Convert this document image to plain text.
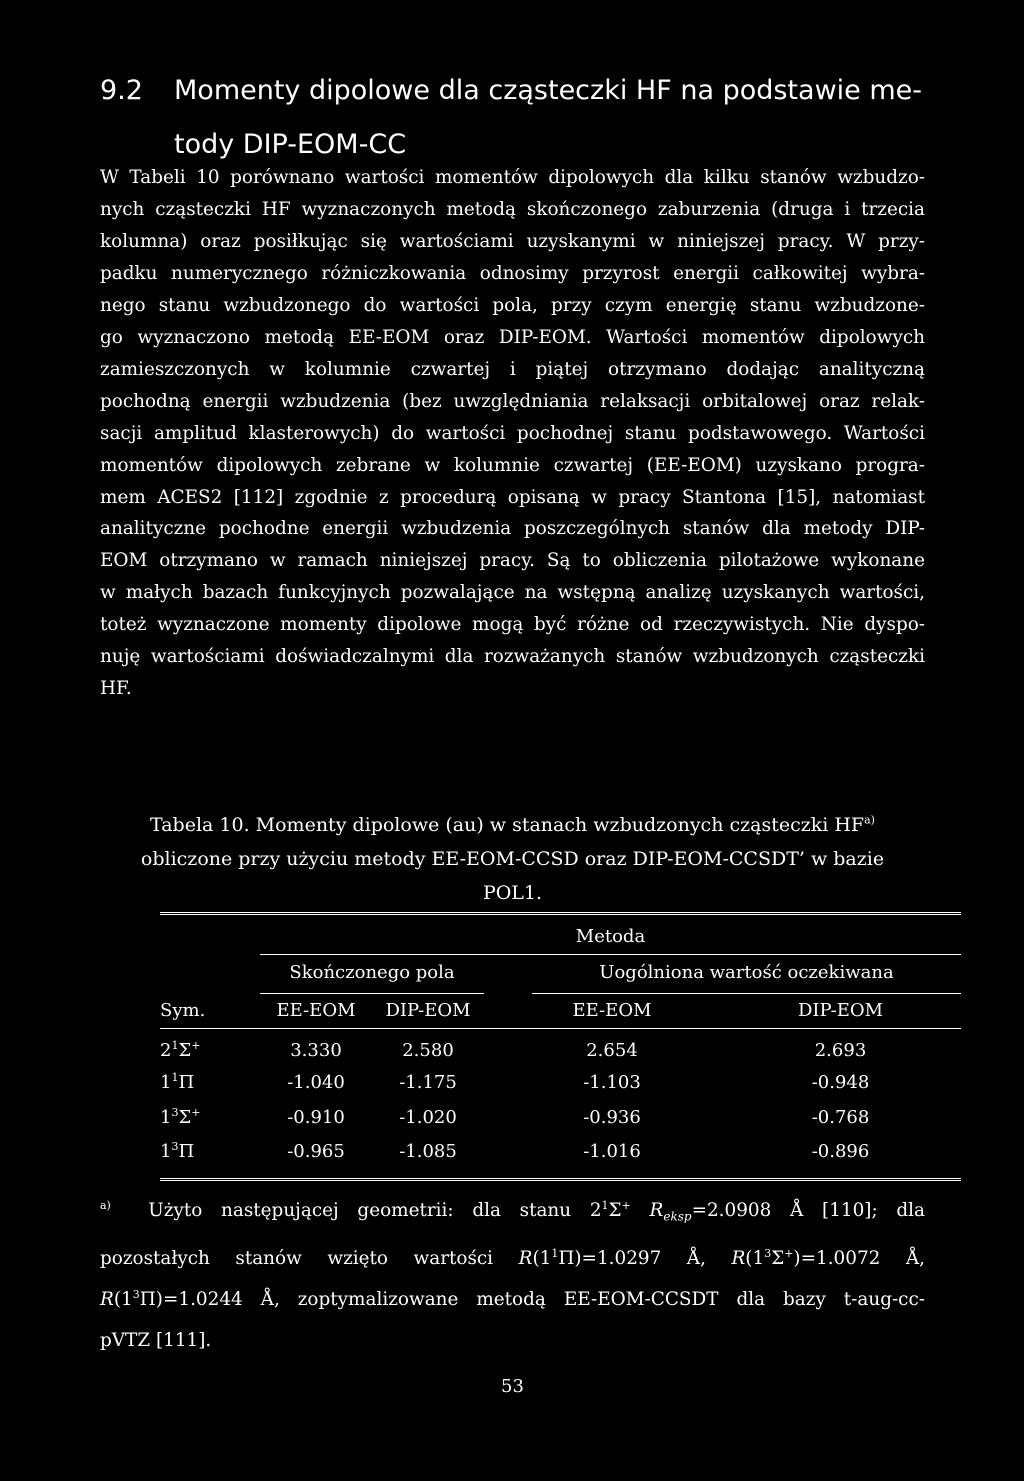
9.2 Momenty dipolowe dla cząsteczki HF na podstawie me-
tody DIP-EOM-CC
W Tabeli 10 porównano wartości momentów dipolowych dla kilku stanów wzbudzo-
nych cząsteczki HF wyznaczonych metodą skończonego zaburzenia (druga i trzecia
kolumna) oraz posiłkując się wartościami uzyskanymi w niniejszej pracy. W przy-
padku numerycznego różniczkowania odnosimy przyrost energii całkowitej wybra-
nego stanu wzbudzonego do wartości pola, przy czym energię stanu wzbudzone-
go wyznaczono metodą EE-EOM oraz DIP-EOM. Wartości momentów dipolowych
zamieszczonych w kolumnie czwartej i piątej otrzymano dodając analityczną
pochodną energii wzbudzenia (bez uwzględniania relaksacji orbitalowej oraz relak-
sacji amplitud klasterowych) do wartości pochodnej stanu podstawowego. Wartości
momentów dipolowych zebrane w kolumnie czwartej (EE-EOM) uzyskano progra-
mem ACES2 [112] zgodnie z procedurą opisaną w pracy Stantona [15], natomiast
analityczne pochodne energii wzbudzenia poszczególnych stanów dla metody DIP-
EOM otrzymano w ramach niniejszej pracy. Są to obliczenia pilotażowe wykonane
w małych bazach funkcyjnych pozwalające na wstępną analizę uzyskanych wartości,
toteż wyznaczone momenty dipolowe mogą być różne od rzeczywistych. Nie dyspo-
nuję wartościami doświadczalnymi dla rozważanych stanów wzbudzonych cząsteczki
HF.
Tabela 10. Momenty dipolowe (au) w stanach wzbudzonych cząsteczki HF$^{a)}$
obliczone przy użyciu metody EE-EOM-CCSD oraz DIP-EOM-CCSDT’ w bazie
POL1.
Metoda
Skończonego pola	Uogólniona wartość oczekiwana
Sym.	EE-EOM	DIP-EOM	EE-EOM	DIP-EOM
$2^1\Sigma^+$	3.330	2.580	2.654	2.693
$1^1\Pi$	-1.040	-1.175	-1.103	-0.948
$1^3\Sigma^+$	-0.910	-1.020	-0.936	-0.768
$1^3\Pi$	-0.965	-1.085	-1.016	-0.896
$^{a)}$ Użyto następującej geometrii: dla stanu $2^1\Sigma^+$ $R_{eksp}=2.0908$ Å [110]; dla
pozostałych stanów wzięto wartości $R(1^1\Pi)=1.0297$ Å, $R(1^3\Sigma^+)=1.0072$ Å,
$R(1^3\Pi)=1.0244$ Å, zoptymalizowane metodą EE-EOM-CCSDT dla bazy t-aug-cc-
pVTZ [111].
53
